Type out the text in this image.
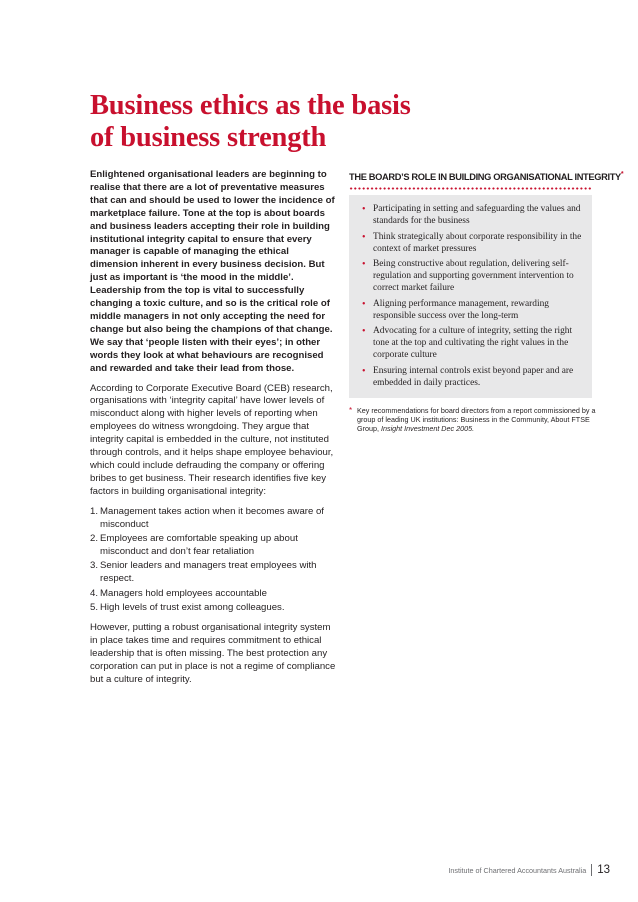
Business ethics as the basis
of business strength

Enlightened organisational leaders are beginning to realise that there are a lot of preventative measures that can and should be used to lower the incidence of marketplace failure. Tone at the top is about boards and business leaders accepting their role in building institutional integrity capital to ensure that every manager is capable of managing the ethical dimension inherent in every business decision. But just as important is ‘the mood in the middle’. Leadership from the top is vital to successfully changing a toxic culture, and so is the critical role of middle managers in not only accepting the need for change but also being the champions of that change. We say that ‘people listen with their eyes’; in other words they look at what behaviours are recognised and rewarded and take their lead from those.

According to Corporate Executive Board (CEB) research, organisations with ‘integrity capital’ have lower levels of misconduct along with higher levels of reporting when employees do witness wrongdoing. They argue that integrity capital is embedded in the culture, not instituted through controls, and it helps shape employee behaviour, which could include defrauding the company or offering bribes to get business. Their research identifies five key factors in building organisational integrity:

1. Management takes action when it becomes aware of misconduct
2. Employees are comfortable speaking up about misconduct and don’t fear retaliation
3. Senior leaders and managers treat employees with respect.
4. Managers hold employees accountable
5. High levels of trust exist among colleagues.

However, putting a robust organisational integrity system in place takes time and requires commitment to ethical leadership that is often missing. The best protection any corporation can put in place is not a regime of compliance but a culture of integrity.

THE BOARD’S ROLE IN BUILDING ORGANISATIONAL INTEGRITY*
• Participating in setting and safeguarding the values and standards for the business
• Think strategically about corporate responsibility in the context of market pressures
• Being constructive about regulation, delivering self-regulation and supporting government intervention to correct market failure
• Aligning performance management, rewarding responsible success over the long-term
• Advocating for a culture of integrity, setting the right tone at the top and cultivating the right values in the corporate culture
• Ensuring internal controls exist beyond paper and are embedded in daily practices.
* Key recommendations for board directors from a report commissioned by a group of leading UK institutions: Business in the Community, About FTSE Group, Insight Investment Dec 2005.
Institute of Chartered Accountants Australia 13
